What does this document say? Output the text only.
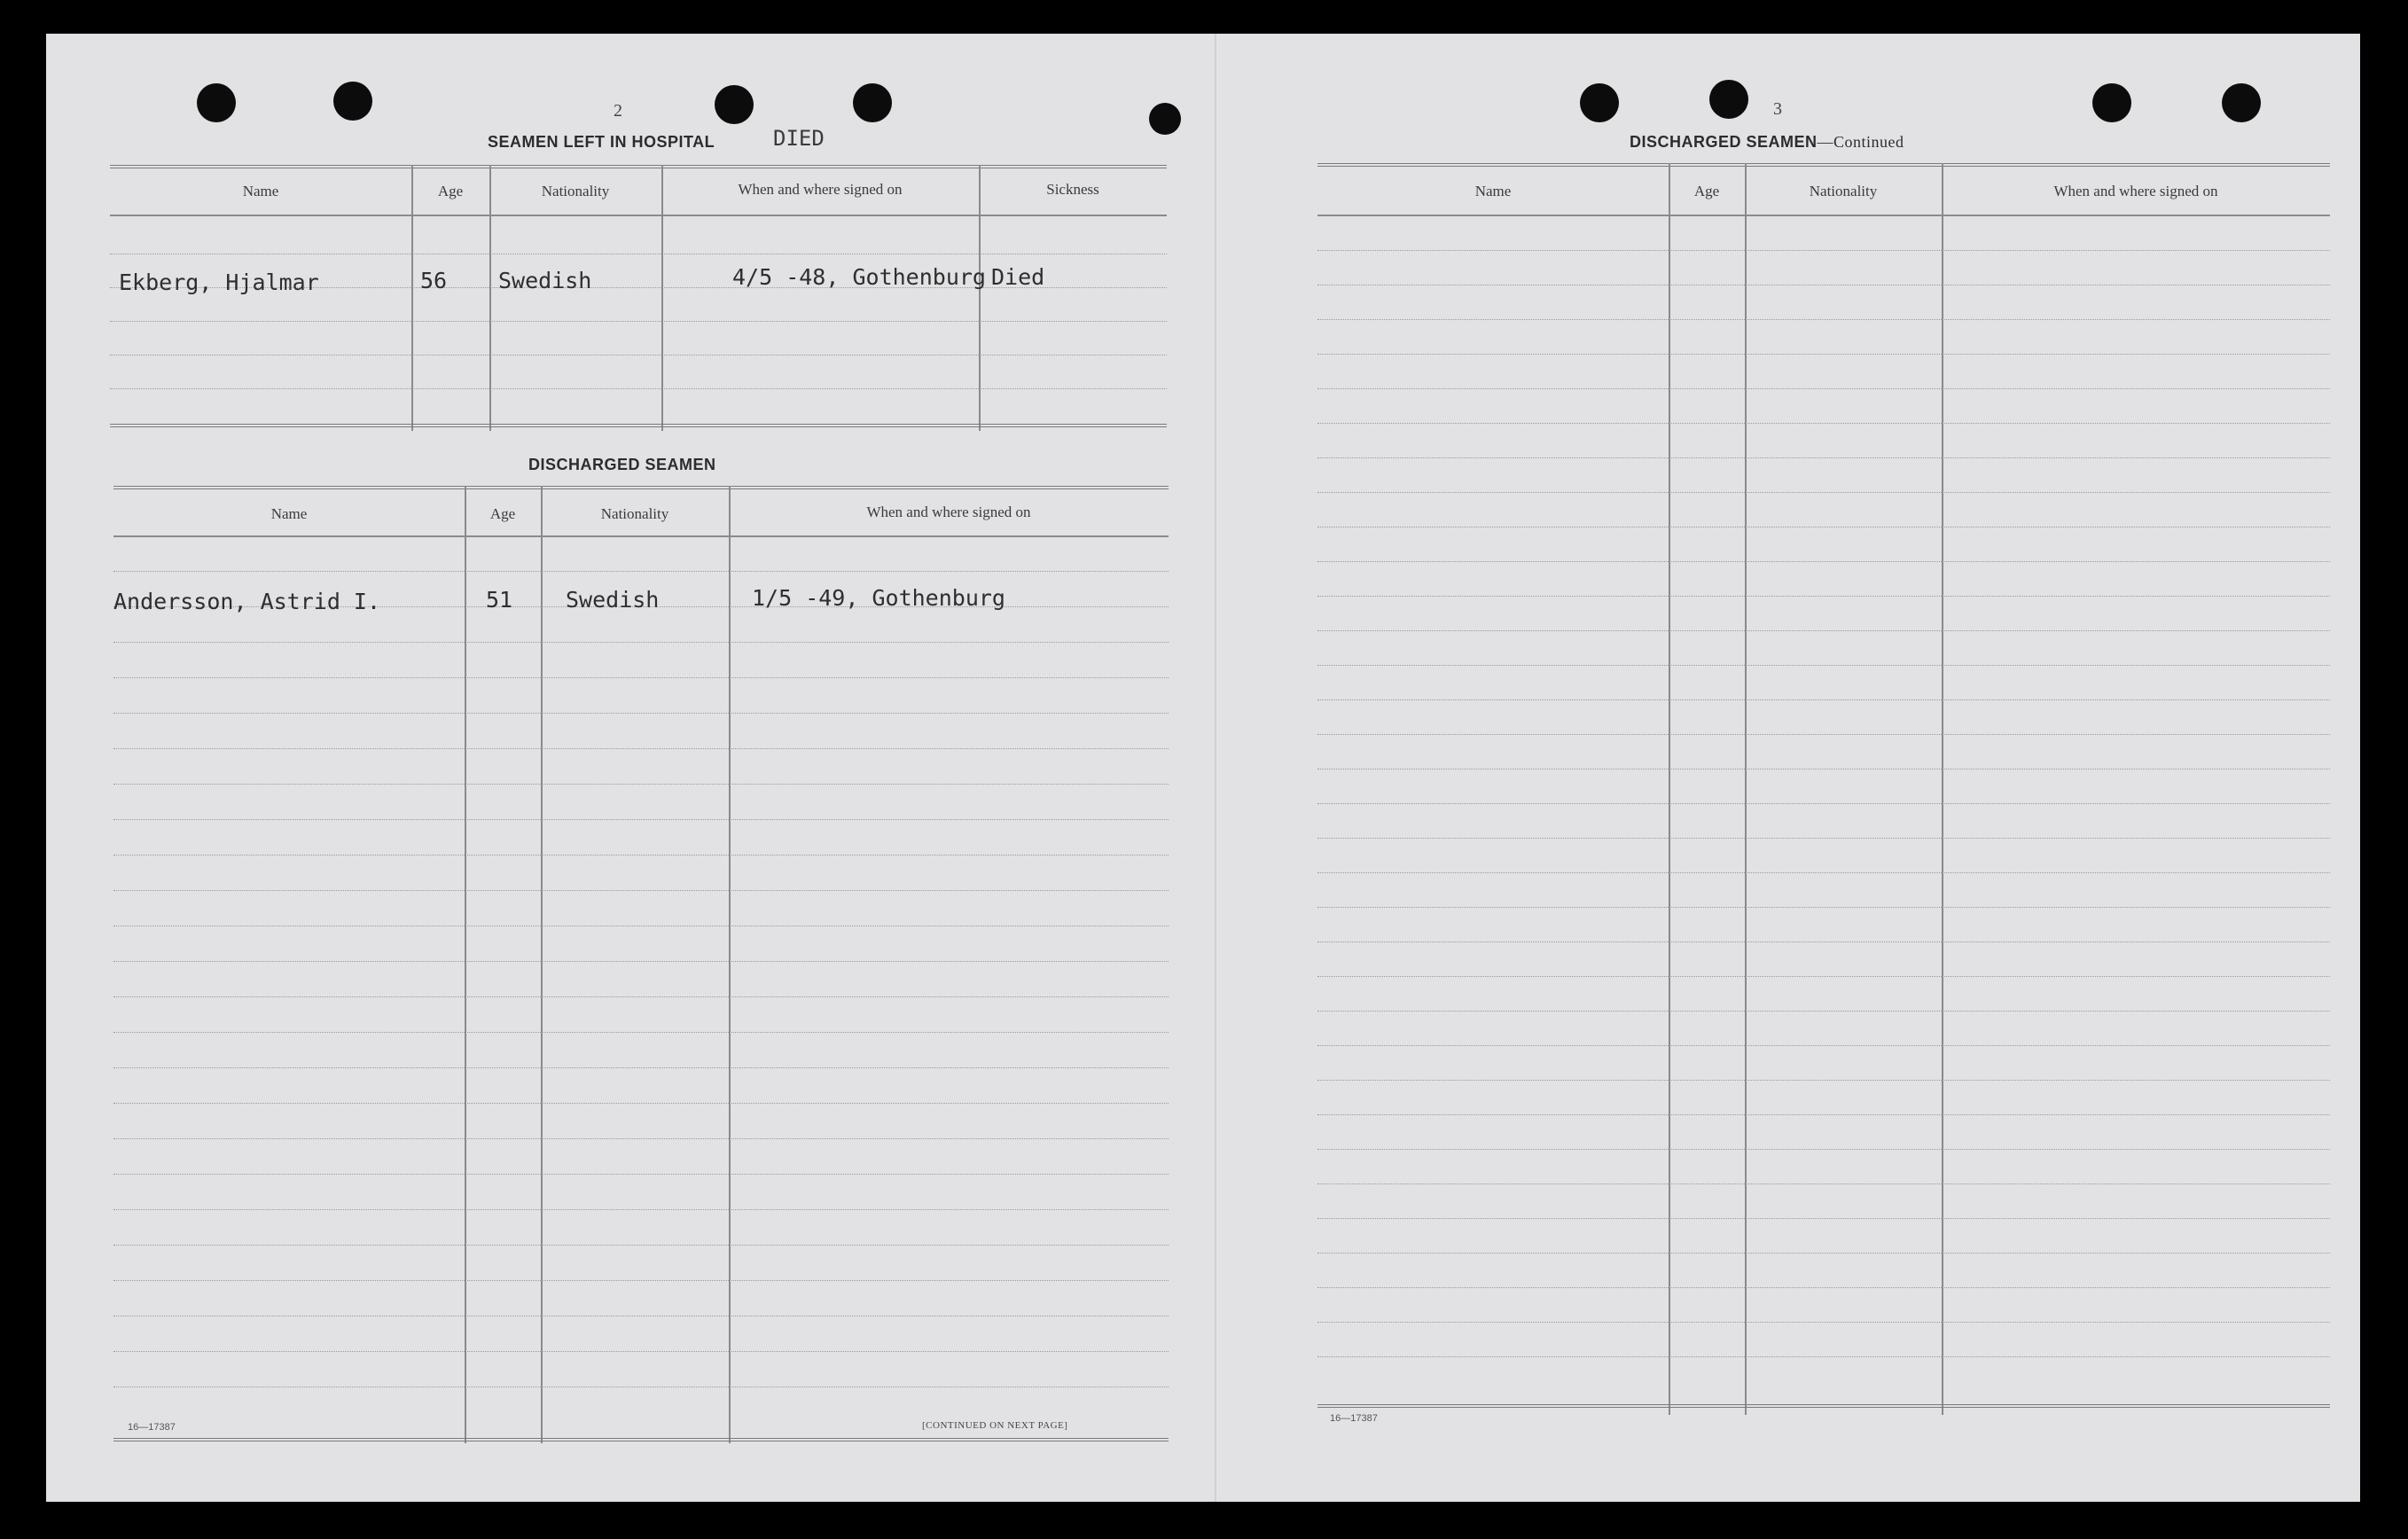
2
SEAMEN LEFT IN HOSPITAL	DIED
Name	Age	Nationality	When and where signed on	Sickness
Ekberg, Hjalmar	56 Swedish	4/5 -48, Gothenburg Died
DISCHARGED SEAMEN
Name	Age	Nationality	When and where signed on
Andersson, Astrid I.	51 Swedish	1/5 -49, Gothenburg
16—17387	[CONTINUED ON NEXT PAGE]
3
DISCHARGED SEAMEN—Continued
Name	Age	Nationality	When and where signed on
16—17387
